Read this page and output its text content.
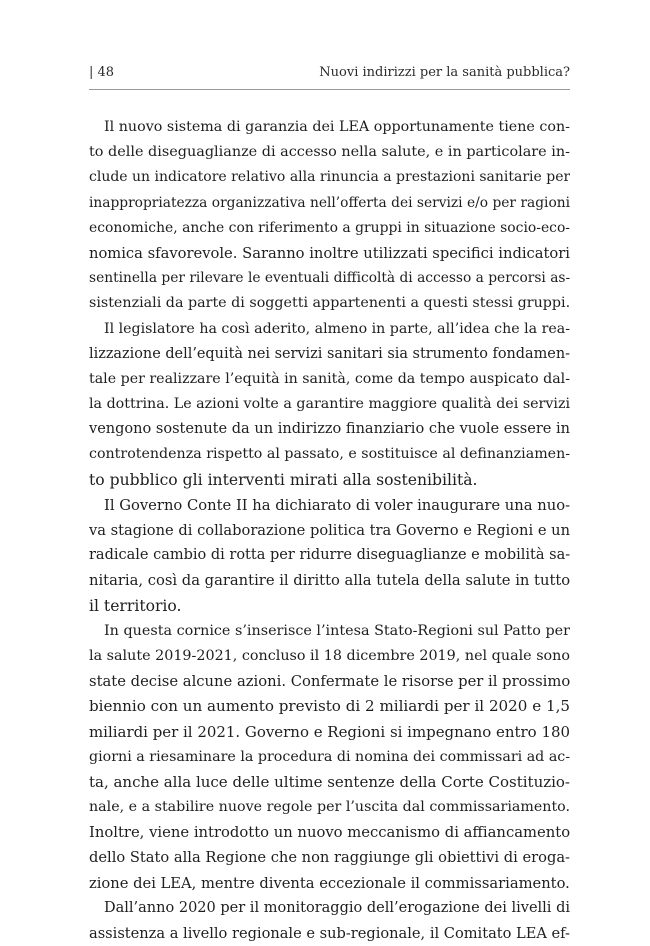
| 48	Nuovi indirizzi per la sanità pubblica?
Il nuovo sistema di garanzia dei LEA opportunamente tiene con-
to delle diseguaglianze di accesso nella salute, e in particolare in-
clude un indicatore relativo alla rinuncia a prestazioni sanitarie per
inappropriatezza organizzativa nell’offerta dei servizi e/o per ragioni
economiche, anche con riferimento a gruppi in situazione socio-eco-
nomica sfavorevole. Saranno inoltre utilizzati specifici indicatori
sentinella per rilevare le eventuali difficoltà di accesso a percorsi as-
sistenziali da parte di soggetti appartenenti a questi stessi gruppi.
Il legislatore ha così aderito, almeno in parte, all’idea che la rea-
lizzazione dell’equità nei servizi sanitari sia strumento fondamen-
tale per realizzare l’equità in sanità, come da tempo auspicato dal-
la dottrina. Le azioni volte a garantire maggiore qualità dei servizi
vengono sostenute da un indirizzo finanziario che vuole essere in
controtendenza rispetto al passato, e sostituisce al definanziamen-
to pubblico gli interventi mirati alla sostenibilità.
Il Governo Conte II ha dichiarato di voler inaugurare una nuo-
va stagione di collaborazione politica tra Governo e Regioni e un
radicale cambio di rotta per ridurre diseguaglianze e mobilità sa-
nitaria, così da garantire il diritto alla tutela della salute in tutto
il territorio.
In questa cornice s’inserisce l’intesa Stato-Regioni sul Patto per
la salute 2019-2021, concluso il 18 dicembre 2019, nel quale sono
state decise alcune azioni. Confermate le risorse per il prossimo
biennio con un aumento previsto di 2 miliardi per il 2020 e 1,5
miliardi per il 2021. Governo e Regioni si impegnano entro 180
giorni a riesaminare la procedura di nomina dei commissari ad ac-
ta, anche alla luce delle ultime sentenze della Corte Costituzio-
nale, e a stabilire nuove regole per l’uscita dal commissariamento.
Inoltre, viene introdotto un nuovo meccanismo di affiancamento
dello Stato alla Regione che non raggiunge gli obiettivi di eroga-
zione dei LEA, mentre diventa eccezionale il commissariamento.
Dall’anno 2020 per il monitoraggio dell’erogazione dei livelli di
assistenza a livello regionale e sub-regionale, il Comitato LEA ef-
